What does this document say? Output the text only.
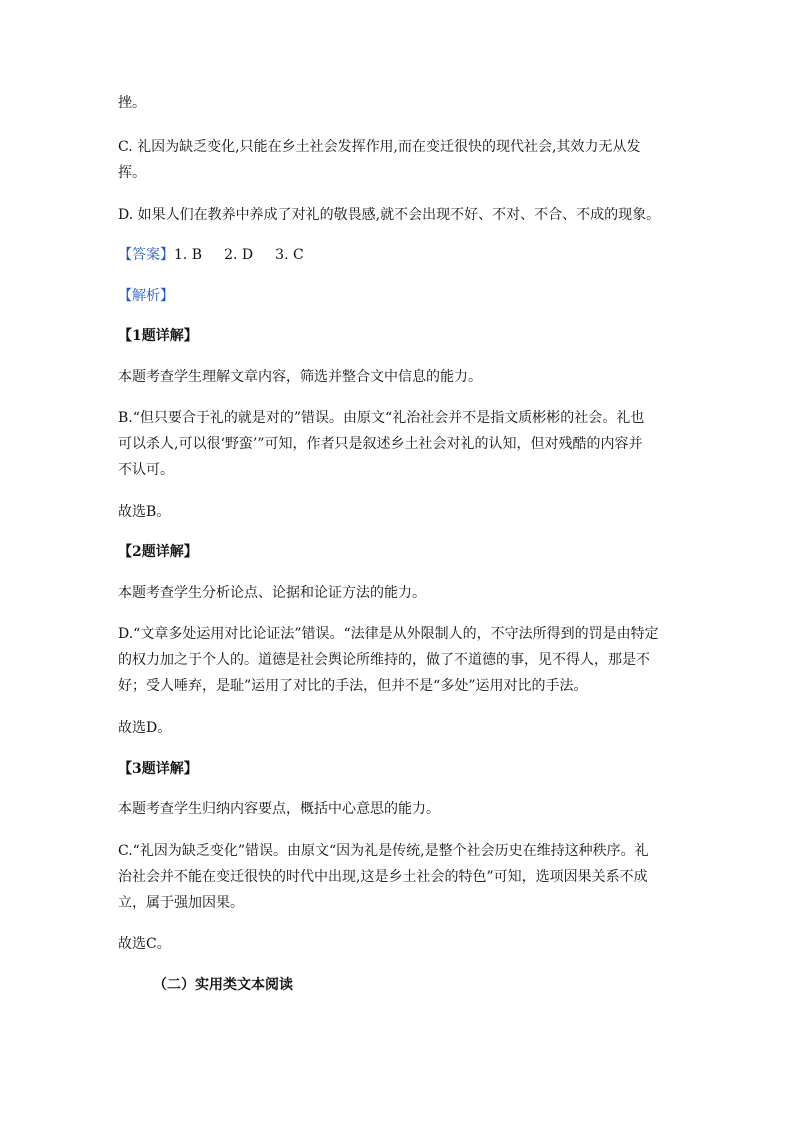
挫。
C. 礼因为缺乏变化,只能在乡土社会发挥作用,而在变迁很快的现代社会,其效力无从发
挥。
D. 如果人们在教养中养成了对礼的敬畏感,就不会出现不好、不对、不合、不成的现象。
【答案】1. B 2. D 3. C
【解析】
【1题详解】
本题考查学生理解文章内容，筛选并整合文中信息的能力。
B.“但只要合于礼的就是对的”错误。由原文“礼治社会并不是指文质彬彬的社会。礼也
可以杀人,可以很‘野蛮’”可知，作者只是叙述乡土社会对礼的认知，但对残酷的内容并
不认可。
故选B。
【2题详解】
本题考查学生分析论点、论据和论证方法的能力。
D.“文章多处运用对比论证法”错误。“法律是从外限制人的，不守法所得到的罚是由特定
的权力加之于个人的。道德是社会舆论所维持的，做了不道德的事，见不得人，那是不
好；受人唾弃，是耻”运用了对比的手法，但并不是“多处”运用对比的手法。
故选D。
【3题详解】
本题考查学生归纳内容要点，概括中心意思的能力。
C.“礼因为缺乏变化”错误。由原文“因为礼是传统,是整个社会历史在维持这种秩序。礼
治社会并不能在变迁很快的时代中出现,这是乡土社会的特色”可知，选项因果关系不成
立，属于强加因果。
故选C。
（二）实用类文本阅读
